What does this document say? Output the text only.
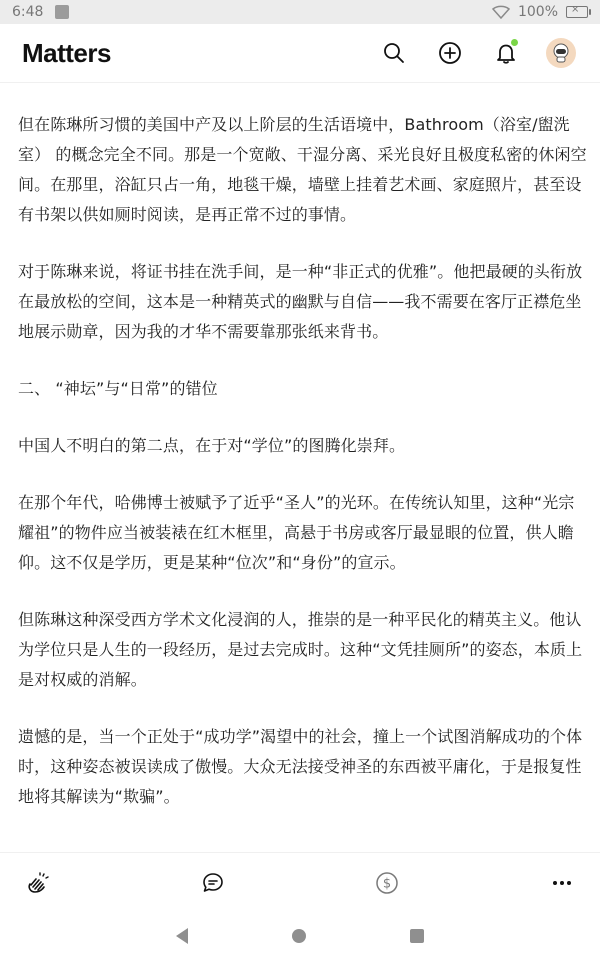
6:48	100% ×
Matters

但在陈琳所习惯的美国中产及以上阶层的生活语境中，Bathroom（浴室/盥洗室） 的概念完全不同。那是一个宽敞、干湿分离、采光良好且极度私密的休闲空间。在那里，浴缸只占一角，地毯干燥，墙壁上挂着艺术画、家庭照片，甚至设有书架以供如厕时阅读，是再正常不过的事情。

对于陈琳来说，将证书挂在洗手间，是一种“非正式的优雅”。他把最硬的头衔放在最放松的空间，这本是一种精英式的幽默与自信——我不需要在客厅正襟危坐地展示勋章，因为我的才华不需要靠那张纸来背书。

二、 “神坛”与“日常”的错位

中国人不明白的第二点，在于对“学位”的图腾化崇拜。

在那个年代，哈佛博士被赋予了近乎“圣人”的光环。在传统认知里，这种“光宗耀祖”的物件应当被装裱在红木框里，高悬于书房或客厅最显眼的位置，供人瞻仰。这不仅是学历，更是某种“位次”和“身份”的宣示。

但陈琳这种深受西方学术文化浸润的人，推崇的是一种平民化的精英主义。他认为学位只是人生的一段经历，是过去完成时。这种“文凭挂厕所”的姿态，本质上是对权威的消解。

遗憾的是，当一个正处于“成功学”渴望中的社会，撞上一个试图消解成功的个体时，这种姿态被误读成了傲慢。大众无法接受神圣的东西被平庸化，于是报复性地将其解读为“欺骗”。

$
